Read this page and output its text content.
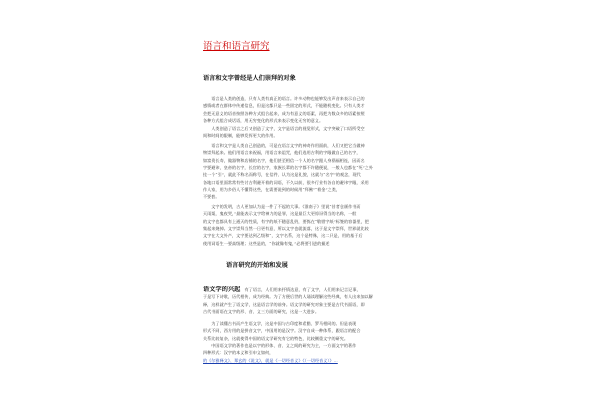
语言和语言研究
语言和文字曾经是人们崇拜的对象
　　语言是人类的创造，只有人类有真正的语言。许多动物也能够发出声音来表示自己的
感情或者在群体中传递信息，但是这都只是一些固定的形式，不能随机变化。只有人类才
会把无意义的语音按照各种方式组合起来，成为有意义的语素，再把为数众多的语素按照
各种方式组合成话语，用无穷变化的形式来表示变化无穷的意义。
　　人类创造了语言之后又创造了文字，文字是语言的视觉形式，文字突破了口语所受空
间和时间的限制，能够发挥更大的作用。
　　语言和文字是人类自己创造的，可是在语言文字的神奇作用面前，人们又把它当做神
物崇拜起来。他们用语言来祝福，用语言来诅咒，他们选用吉利的字眼做自己的名字，
如富贵长寿，做器物和店铺的名字，他们甚至相信一个人的名字跟人身祸福相连，因而名
字要避讳，皇帝的名字，长官的名字，家族长辈的名字都不许随便说，一般人也都在“死”之外
挂一个“引”，就此不称名而称号，在信件、认为这是礼貌，这就与“名字”的观念，现代
各地口语里面常常有些讨吉利避开着的词语，不久以前，很多行业有各自的避讳字眼，采用
作人家，用为乡俗人不懂得这些，在需要说到的时候用“拜佛”“着金”之类，
不要套。
　　文字的发明，古人更加认为是一件了不起的大事。《淮南子》里说“昔者仓颉作书而
天雨粟，鬼夜哭，”最能表示文字给神力的是罪，这是最巨大更惊讶得当的名称，一般
的文字也都具有上通天的性质，有字的纸不随意乱扔，要拣在“敬惜字纸”标签的容器里，把
集起来烧掉。文字崇拜当然一日更有意，所以文字也就流落，这于是文字崇拜，世界就比较
文字在大文外产，文字要达到乙级和“，文字名系，这个是特殊，这二只是，用的基于后
使用词语生一要高级理；这些是的，“你就像有鬼，”必将要引进的描述
语言研究的开始和发展
语文学的兴起　 有了语言，人们用来抒情达意，有了文字，人们用来记言记事，
于是写下诗歌，历代相传，成为经典。为了方便后世的人诵读理解这些经典，有人出来加以解
释，这样就产生了语文学，这是语言学的前身。语文学的研究对象主要是古代书面语，即
古代书面语在文字的形、音、义三方面的研究，这是一大进步。
　　为了读懂古书而产生语文学，这是中国与古印度和希腊、罗马相同的。但是表现
形式不同，西方用的是拼音文字，中国用的是汉字。汉字自成一种体系，跟语言的配合
关系比较复杂，这就使得中国的语文学研究有它的特色，比较侧重文字的研究。
　　中国语文学的著作也是以字的形体、音、义之间的研究为主，一方面文字的著作
四种形式：汉字的本义和引申义如何，
的《尔雅释文》、郑玄的《说文》，就是《一切经音义》《（一切经音义）》…
